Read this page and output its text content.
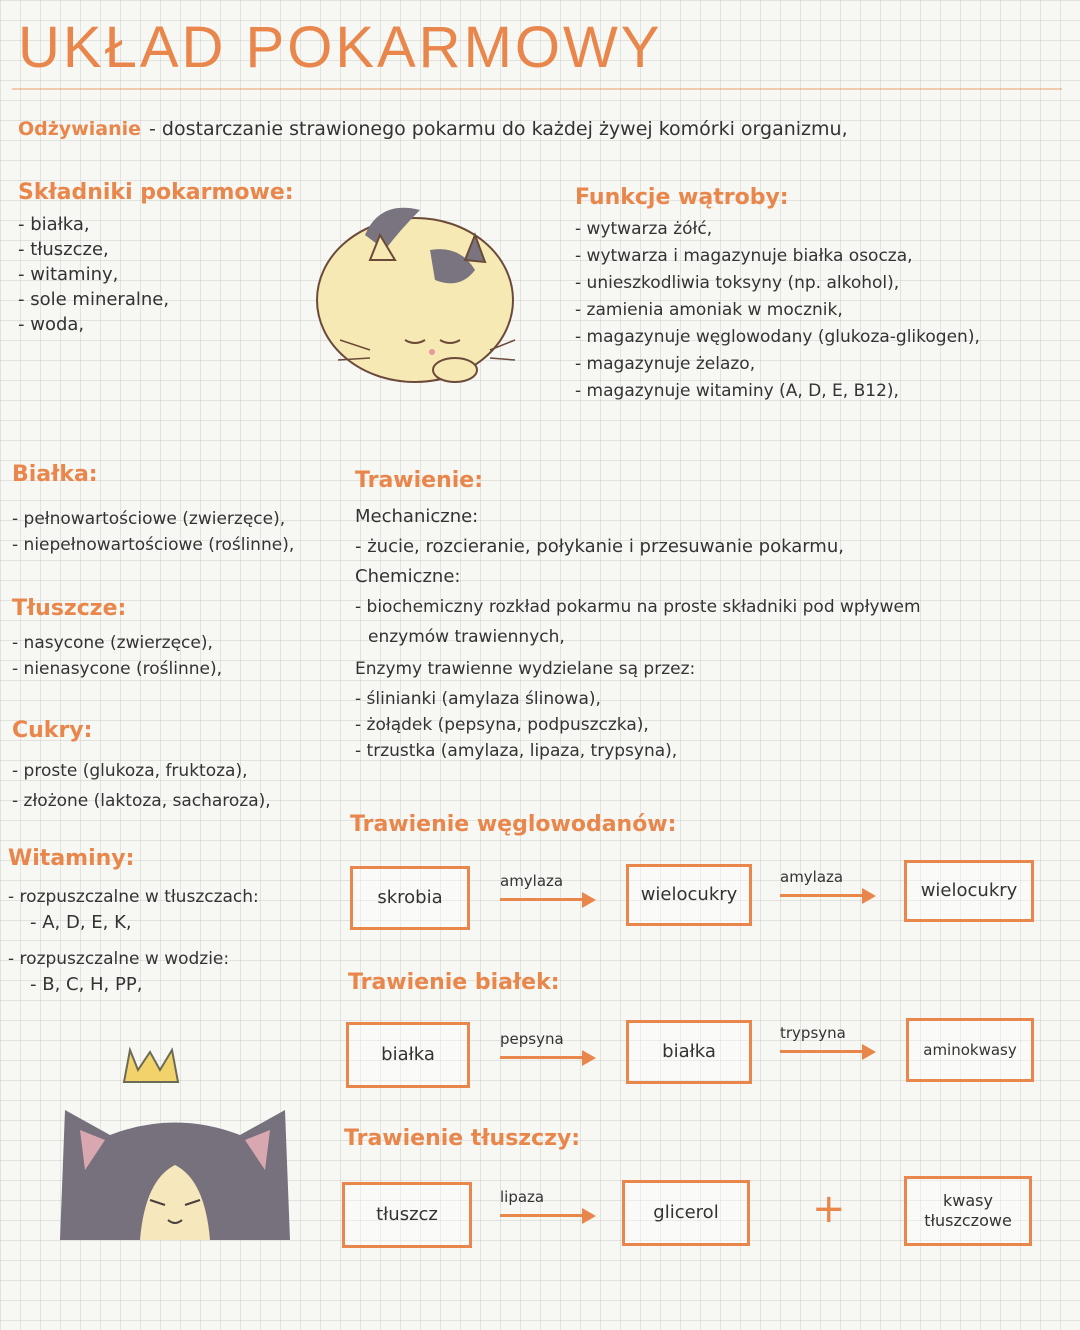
UKŁAD POKARMOWY
Odżywianie - dostarczanie strawionego pokarmu do każdej żywej komórki organizmu,
Składniki pokarmowe:
- białka,
- tłuszcze,
- witaminy,
- sole mineralne,
- woda,
Funkcje wątroby:
- wytwarza żółć,
- wytwarza i magazynuje białka osocza,
- unieszkodliwia toksyny (np. alkohol),
- zamienia amoniak w mocznik,
- magazynuje węglowodany (glukoza-glikogen),
- magazynuje żelazo,
- magazynuje witaminy (A, D, E, B12),
Białka:
- pełnowartościowe (zwierzęce),
- niepełnowartościowe (roślinne),
Tłuszcze:
- nasycone (zwierzęce),
- nienasycone (roślinne),
Cukry:
- proste (glukoza, fruktoza),
- złożone (laktoza, sacharoza),
Witaminy:
- rozpuszczalne w tłuszczach:
- A, D, E, K,
- rozpuszczalne w wodzie:
- B, C, H, PP,
Trawienie:
Mechaniczne:
- żucie, rozcieranie, połykanie i przesuwanie pokarmu,
Chemiczne:
- biochemiczny rozkład pokarmu na proste składniki pod wpływem
enzymów trawiennych,
Enzymy trawienne wydzielane są przez:
- ślinianki (amylaza ślinowa),
- żołądek (pepsyna, podpuszczka),
- trzustka (amylaza, lipaza, trypsyna),
Trawienie węglowodanów:
skrobia
amylaza
wielocukry
amylaza
wielocukry
Trawienie białek:
białka
pepsyna
białka
trypsyna
aminokwasy
Trawienie tłuszczy:
tłuszcz
lipaza
glicerol	+	kwasy tłuszczowe
